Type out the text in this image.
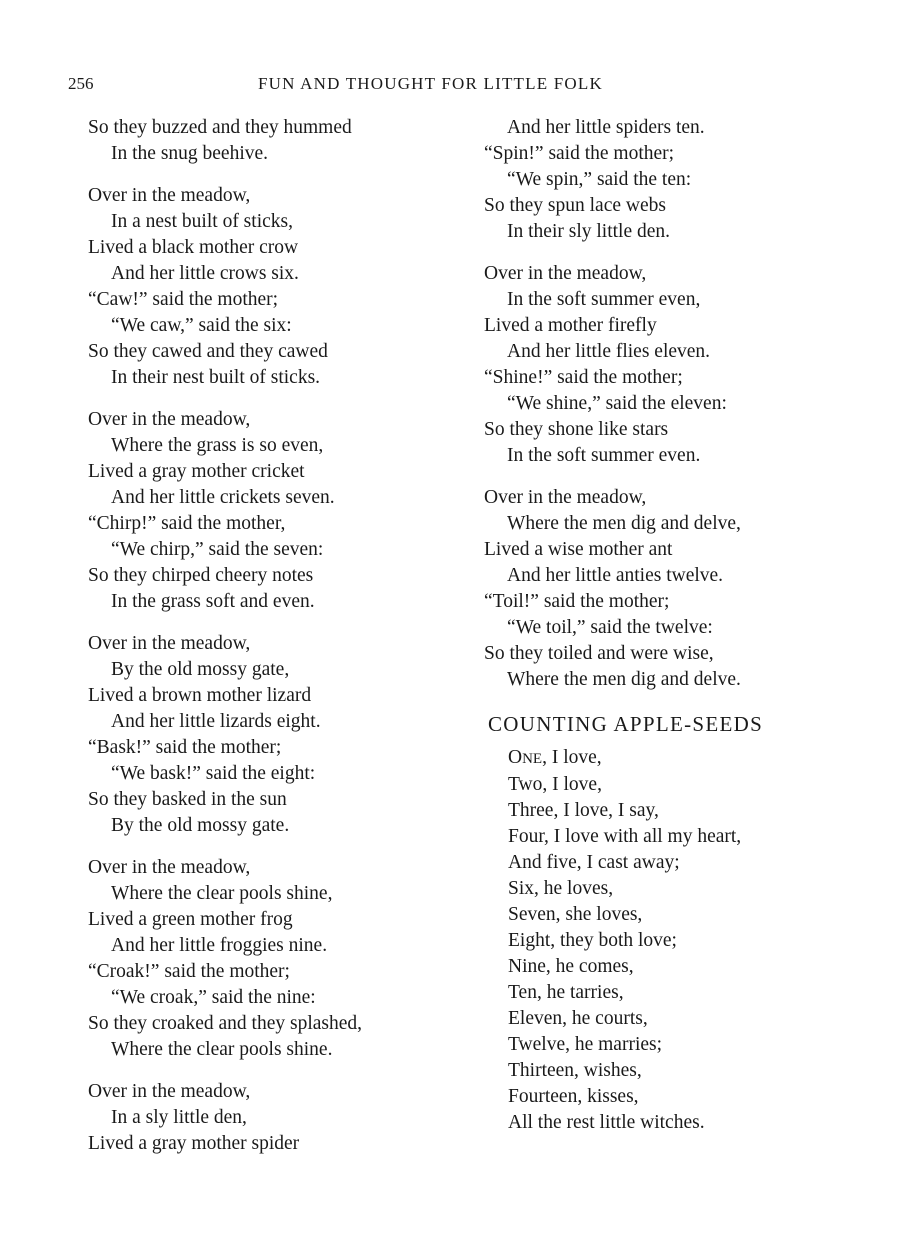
256	FUN AND THOUGHT FOR LITTLE FOLK
So they buzzed and they hummed
In the snug beehive.
Over in the meadow,
In a nest built of sticks,
Lived a black mother crow
And her little crows six.
“Caw!” said the mother;
“We caw,” said the six:
So they cawed and they cawed
In their nest built of sticks.
Over in the meadow,
Where the grass is so even,
Lived a gray mother cricket
And her little crickets seven.
“Chirp!” said the mother,
“We chirp,” said the seven:
So they chirped cheery notes
In the grass soft and even.
Over in the meadow,
By the old mossy gate,
Lived a brown mother lizard
And her little lizards eight.
“Bask!” said the mother;
“We bask!” said the eight:
So they basked in the sun
By the old mossy gate.
Over in the meadow,
Where the clear pools shine,
Lived a green mother frog
And her little froggies nine.
“Croak!” said the mother;
“We croak,” said the nine:
So they croaked and they splashed,
Where the clear pools shine.
Over in the meadow,
In a sly little den,
Lived a gray mother spider
And her little spiders ten.
“Spin!” said the mother;
“We spin,” said the ten:
So they spun lace webs
In their sly little den.
Over in the meadow,
In the soft summer even,
Lived a mother firefly
And her little flies eleven.
“Shine!” said the mother;
“We shine,” said the eleven:
So they shone like stars
In the soft summer even.
Over in the meadow,
Where the men dig and delve,
Lived a wise mother ant
And her little anties twelve.
“Toil!” said the mother;
“We toil,” said the twelve:
So they toiled and were wise,
Where the men dig and delve.
COUNTING APPLE-SEEDS
ONE, I love,
Two, I love,
Three, I love, I say,
Four, I love with all my heart,
And five, I cast away;
Six, he loves,
Seven, she loves,
Eight, they both love;
Nine, he comes,
Ten, he tarries,
Eleven, he courts,
Twelve, he marries;
Thirteen, wishes,
Fourteen, kisses,
All the rest little witches.
